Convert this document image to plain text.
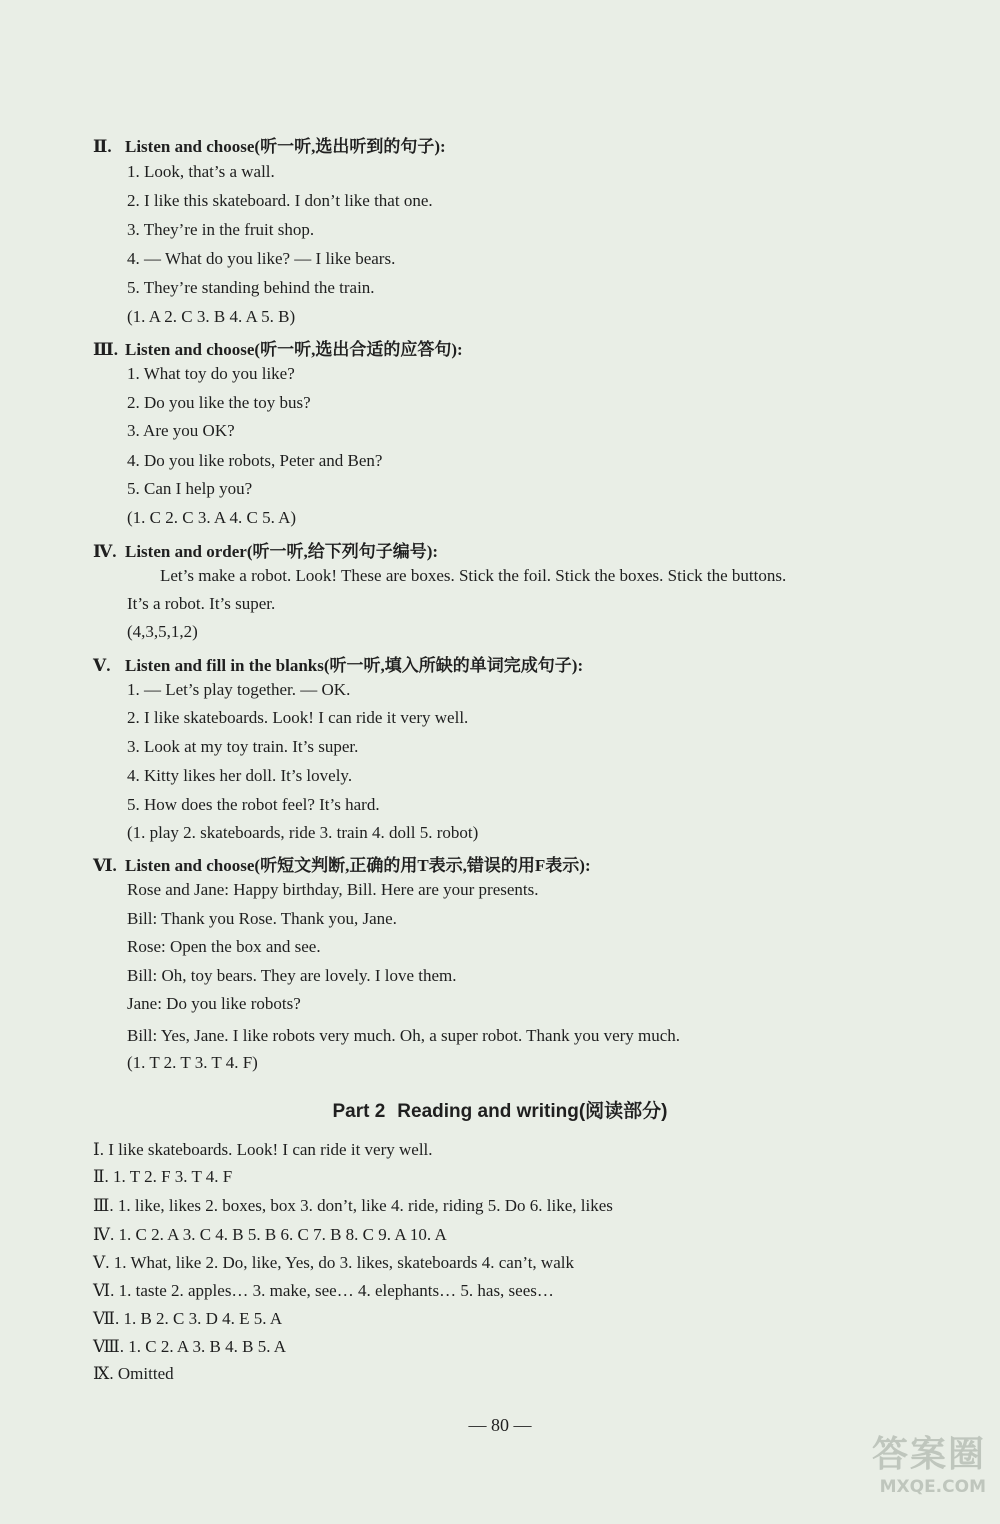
Ⅱ. Listen and choose(听一听,选出听到的句子):
1. Look, that’s a wall.
2. I like this skateboard. I don’t like that one.
3. They’re in the fruit shop.
4. — What do you like? — I like bears.
5. They’re standing behind the train.
(1. A 2. C 3. B 4. A 5. B)
Ⅲ. Listen and choose(听一听,选出合适的应答句):
1. What toy do you like?
2. Do you like the toy bus?
3. Are you OK?
4. Do you like robots, Peter and Ben?
5. Can I help you?
(1. C 2. C 3. A 4. C 5. A)
Ⅳ. Listen and order(听一听,给下列句子编号):
Let’s make a robot. Look! These are boxes. Stick the foil. Stick the boxes. Stick the buttons.
It’s a robot. It’s super.
(4,3,5,1,2)
Ⅴ. Listen and fill in the blanks(听一听,填入所缺的单词完成句子):
1. — Let’s play together. — OK.
2. I like skateboards. Look! I can ride it very well.
3. Look at my toy train. It’s super.
4. Kitty likes her doll. It’s lovely.
5. How does the robot feel? It’s hard.
(1. play 2. skateboards, ride 3. train 4. doll 5. robot)
Ⅵ. Listen and choose(听短文判断,正确的用T表示,错误的用F表示):
Rose and Jane: Happy birthday, Bill. Here are your presents.
Bill: Thank you Rose. Thank you, Jane.
Rose: Open the box and see.
Bill: Oh, toy bears. They are lovely. I love them.
Jane: Do you like robots?
Bill: Yes, Jane. I like robots very much. Oh, a super robot. Thank you very much.
(1. T 2. T 3. T 4. F)
Part 2 Reading and writing(阅读部分)
Ⅰ. I like skateboards. Look! I can ride it very well.
Ⅱ. 1. T 2. F 3. T 4. F
Ⅲ. 1. like, likes 2. boxes, box 3. don’t, like 4. ride, riding 5. Do 6. like, likes
Ⅳ. 1. C 2. A 3. C 4. B 5. B 6. C 7. B 8. C 9. A 10. A
Ⅴ. 1. What, like 2. Do, like, Yes, do 3. likes, skateboards 4. can’t, walk
Ⅵ. 1. taste 2. apples… 3. make, see… 4. elephants… 5. has, sees…
Ⅶ. 1. B 2. C 3. D 4. E 5. A
Ⅷ. 1. C 2. A 3. B 4. B 5. A
Ⅸ. Omitted
— 80 —
答案圈
MXQE.COM
